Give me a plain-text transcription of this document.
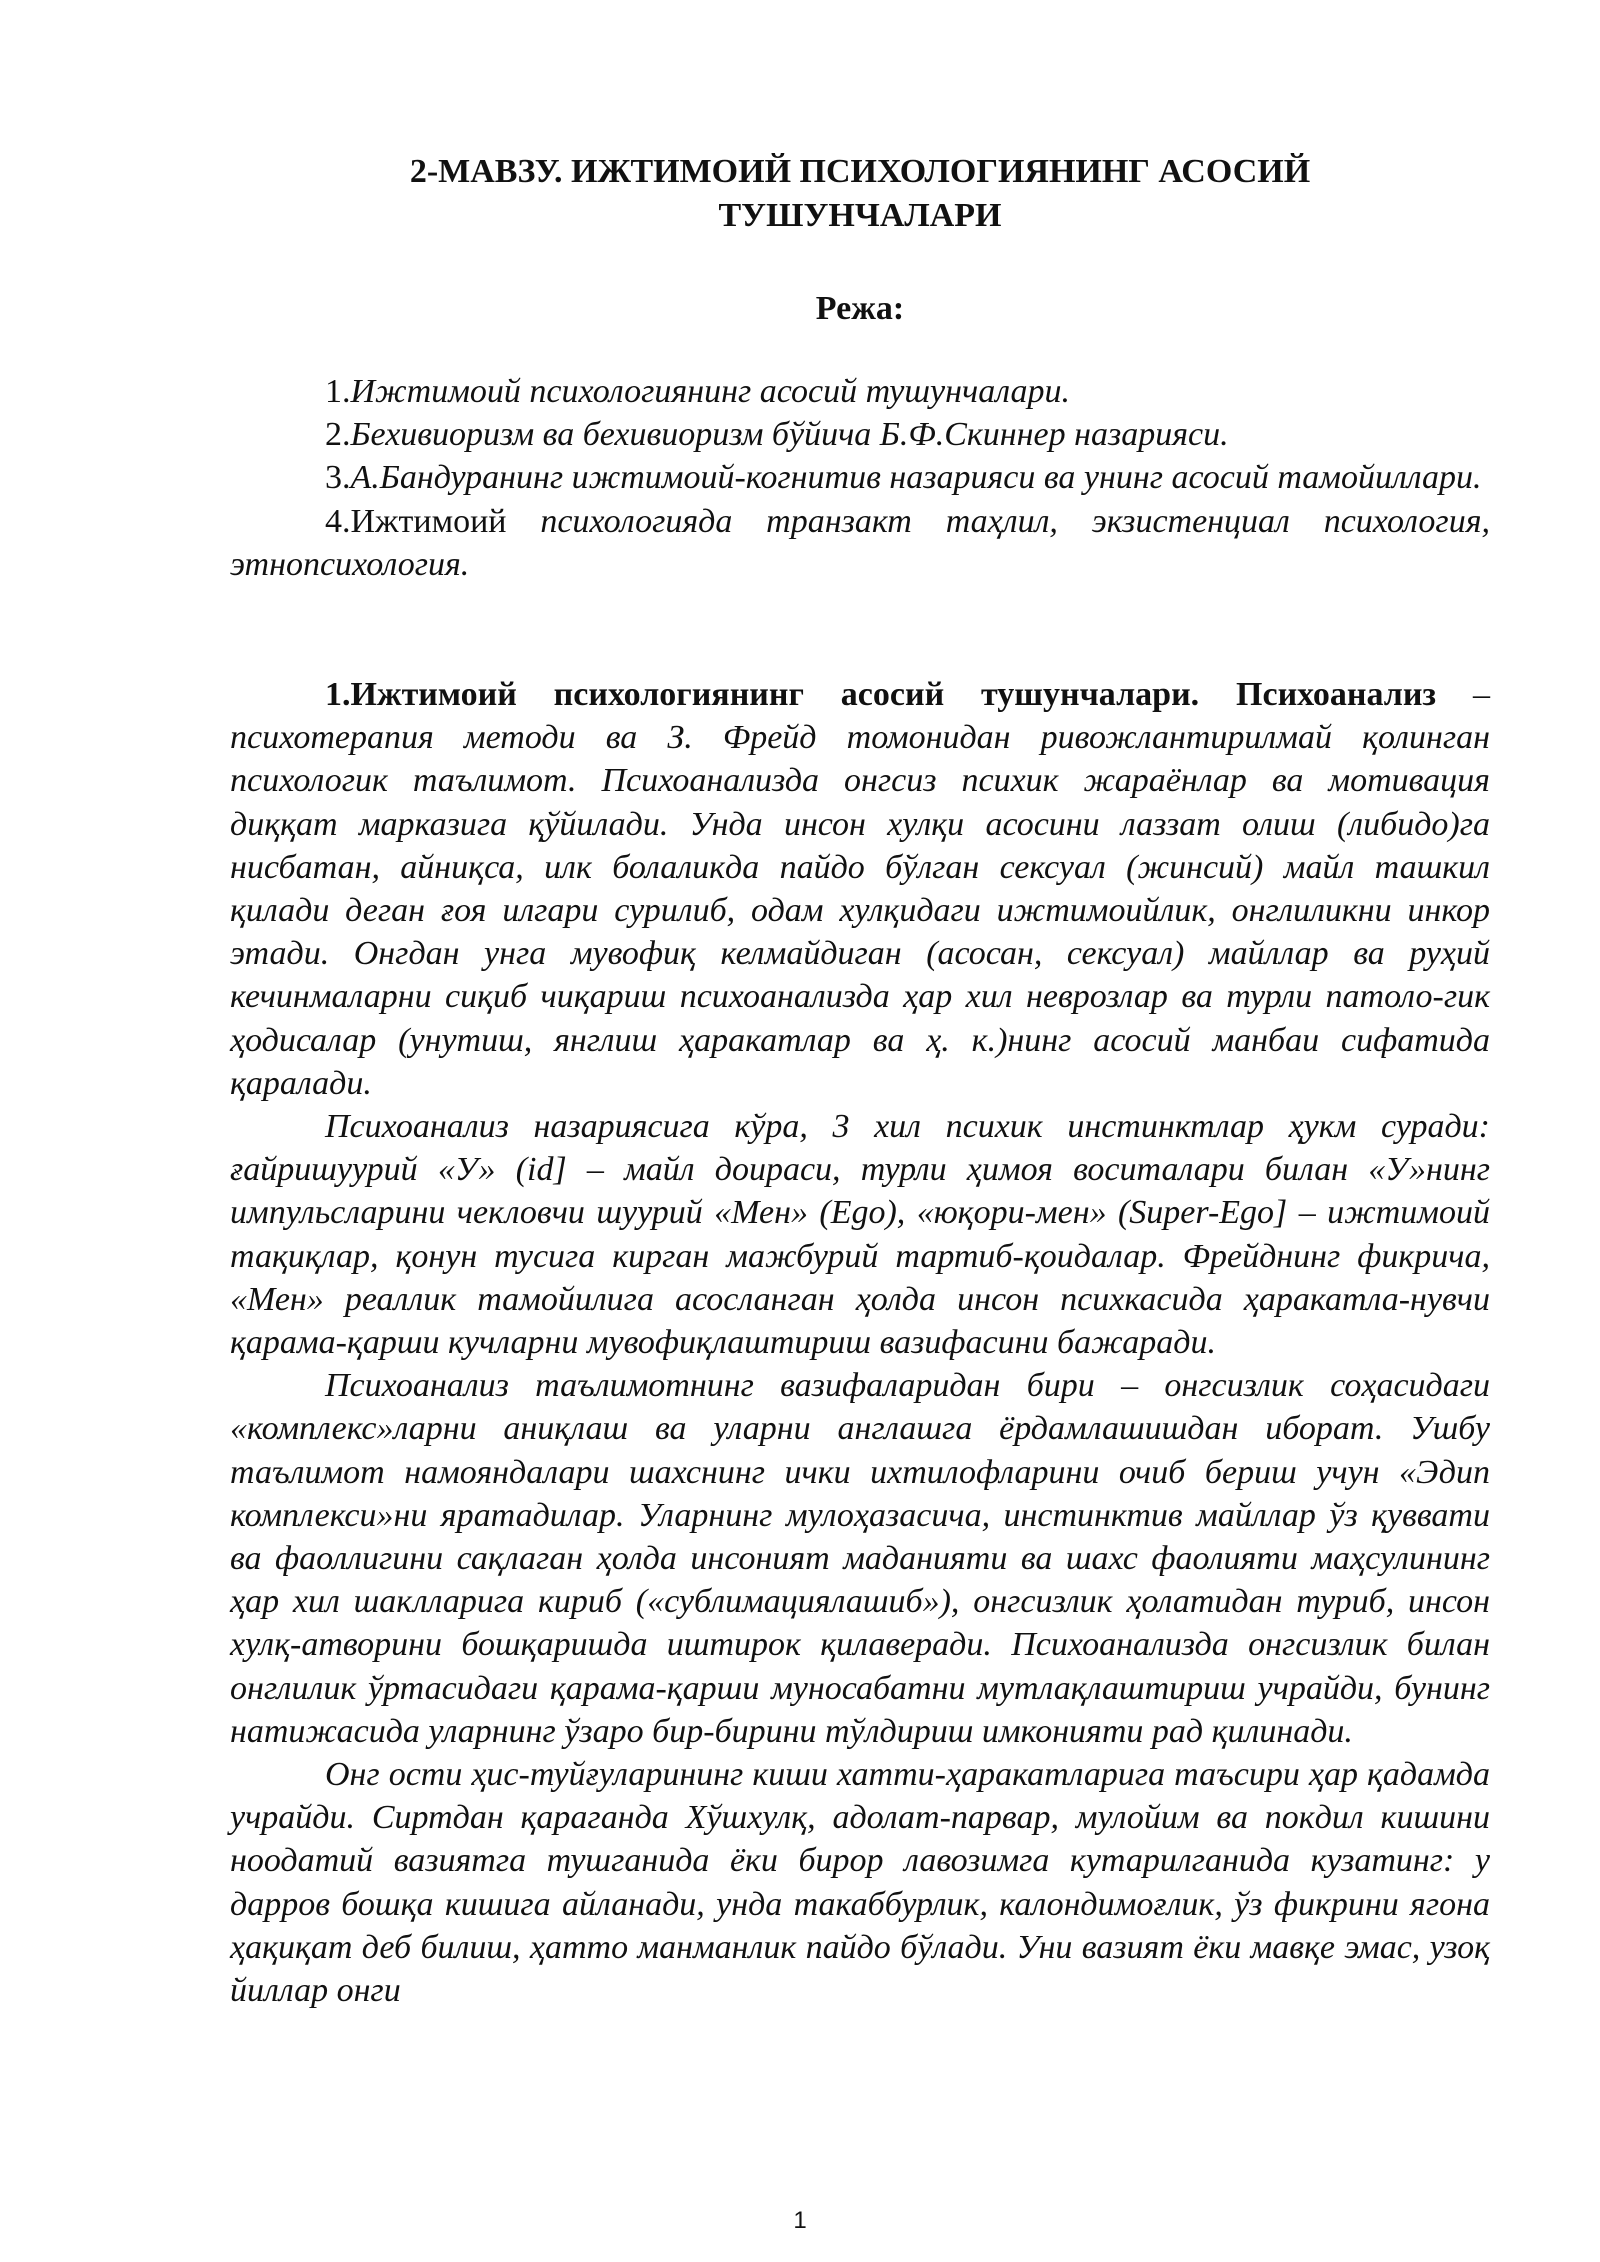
2-МАВЗУ. ИЖТИМОИЙ ПСИХОЛОГИЯНИНГ АСОСИЙ
ТУШУНЧАЛАРИ
Режа:

1.Ижтимоий психологиянинг асосий тушунчалари.

2.Бехивиоризм ва бехивиоризм бўйича Б.Ф.Скиннер назарияси.

3.А.Бандуранинг ижтимоий-когнитив назарияси ва унинг асосий тамойиллари.

4.Ижтимоий психологияда транзакт таҳлил, экзистенциал психология, этнопсихология.

1.Ижтимоий психологиянинг асосий тушунчалари. Психоанализ – психотерапия методи ва З. Фрейд томонидан ривожлантирилмай қолинган психологик таълимот. Психоанализда онгсиз психик жараёнлар ва мотивация диққат марказига қўйилади. Унда инсон хулқи асосини лаззат олиш (либидо)га нисбатан, айниқса, илк болаликда пайдо бўлган сексуал (жинсий) майл ташкил қилади деган ғоя илгари сурилиб, одам хулқидаги ижтимоийлик, онглиликни инкор этади. Онгдан унга мувофиқ келмайдиган (асосан, сексуал) майллар ва руҳий кечинмаларни сиқиб чиқариш психоанализда ҳар хил неврозлар ва турли патоло-гик ҳодисалар (унутиш, янглиш ҳаракатлар ва ҳ. к.)нинг асосий манбаи сифатида қаралади.

Психоанализ назариясига кўра, 3 хил психик инстинктлар ҳукм суради: ғайришуурий «У» (id] – майл доираси, турли ҳимоя воситалари билан «У»нинг импульсларини чекловчи шуурий «Мен» (Ego), «юқори-мен» (Super-Ego] – ижтимоий тақиқлар, қонун тусига кирган мажбурий тартиб-қоидалар. Фрейднинг фикрича, «Мен» реаллик тамойилига асосланган ҳолда инсон психкасида ҳаракатла-нувчи қарама-қарши кучларни мувофиқлаштириш вазифасини бажаради.

Психоанализ таълимотнинг вазифаларидан бири – онгсизлик соҳасидаги «комплекс»ларни аниқлаш ва уларни англашга ёрдамлашишдан иборат. Ушбу таълимот намояндалари шахснинг ички ихтилофларини очиб бериш учун «Эдип комплекси»ни яратадилар. Уларнинг мулоҳазасича, инстинктив майллар ўз қуввати ва фаоллигини сақлаган ҳолда инсоният маданияти ва шахс фаолияти маҳсулининг ҳар хил шаклларига кириб («сублимациялашиб»), онгсизлик ҳолатидан туриб, инсон хулқ-атворини бошқаришда иштирок қилаверади. Психоанализда онгсизлик билан онглилик ўртасидаги қарама-қарши муносабатни мутлақлаштириш учрайди, бунинг натижасида уларнинг ўзаро бир-бирини тўлдириш имконияти рад қилинади.

Онг ости ҳис-туйғуларининг киши хатти-ҳаракатларига таъсири ҳар қадамда учрайди. Сиртдан қараганда Хўшхулқ, адолат-парвар, мулойим ва покдил кишини ноодатий вазиятга тушганида ёки бирор лавозимга кутарилганида кузатинг: у дарров бошқа кишига айланади, унда такаббурлик, калондимоғлик, ўз фикрини ягона ҳақиқат деб билиш, ҳатто манманлик пайдо бўлади. Уни вазият ёки мавқе эмас, узоқ йиллар онги

1
